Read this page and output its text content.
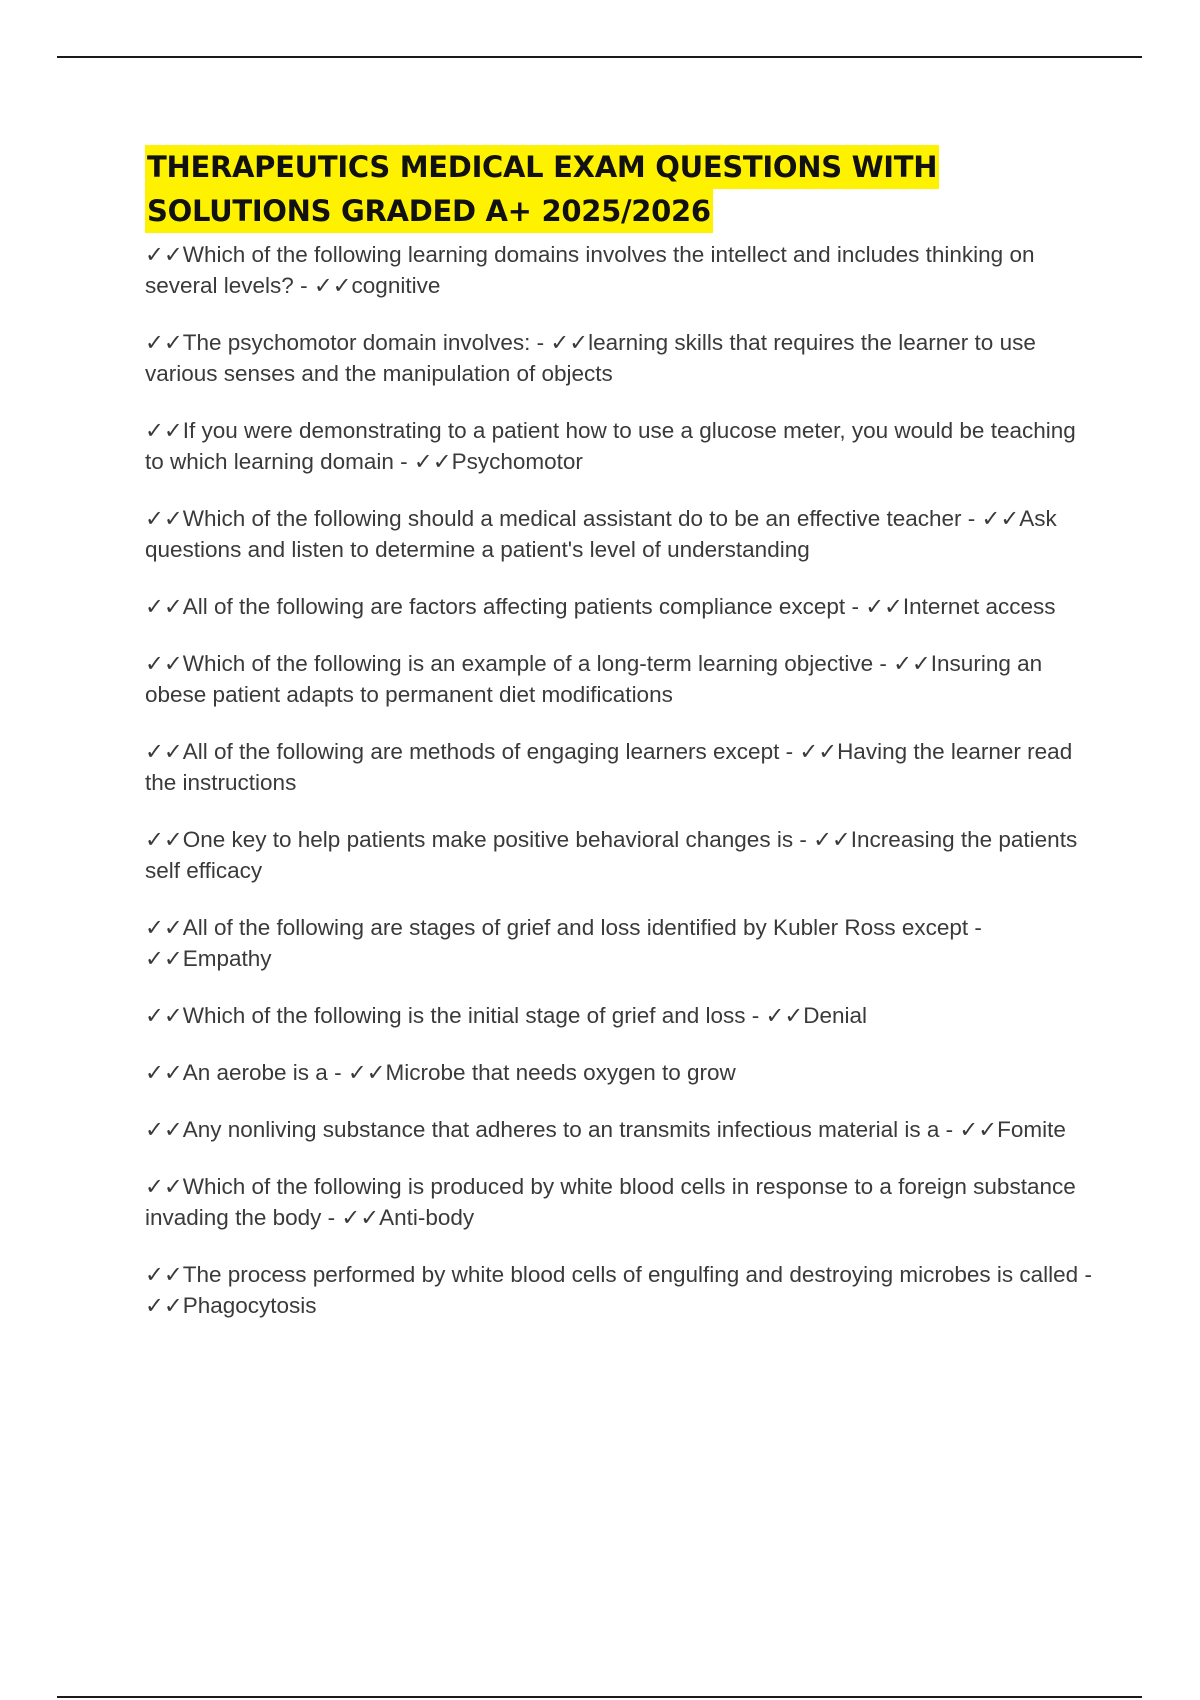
THERAPEUTICS MEDICAL EXAM QUESTIONS WITH
SOLUTIONS GRADED A+ 2025/2026

✓✓Which of the following learning domains involves the intellect and includes thinking on several levels? - ✓✓cognitive

✓✓The psychomotor domain involves: - ✓✓learning skills that requires the learner to use various senses and the manipulation of objects

✓✓If you were demonstrating to a patient how to use a glucose meter, you would be teaching to which learning domain - ✓✓Psychomotor

✓✓Which of the following should a medical assistant do to be an effective teacher - ✓✓Ask questions and listen to determine a patient's level of understanding

✓✓All of the following are factors affecting patients compliance except - ✓✓Internet access

✓✓Which of the following is an example of a long-term learning objective - ✓✓Insuring an obese patient adapts to permanent diet modifications

✓✓All of the following are methods of engaging learners except - ✓✓Having the learner read the instructions

✓✓One key to help patients make positive behavioral changes is - ✓✓Increasing the patients self efficacy

✓✓All of the following are stages of grief and loss identified by Kubler Ross except - ✓✓Empathy

✓✓Which of the following is the initial stage of grief and loss - ✓✓Denial

✓✓An aerobe is a - ✓✓Microbe that needs oxygen to grow

✓✓Any nonliving substance that adheres to an transmits infectious material is a - ✓✓Fomite

✓✓Which of the following is produced by white blood cells in response to a foreign substance invading the body - ✓✓Anti-body

✓✓The process performed by white blood cells of engulfing and destroying microbes is called - ✓✓Phagocytosis
